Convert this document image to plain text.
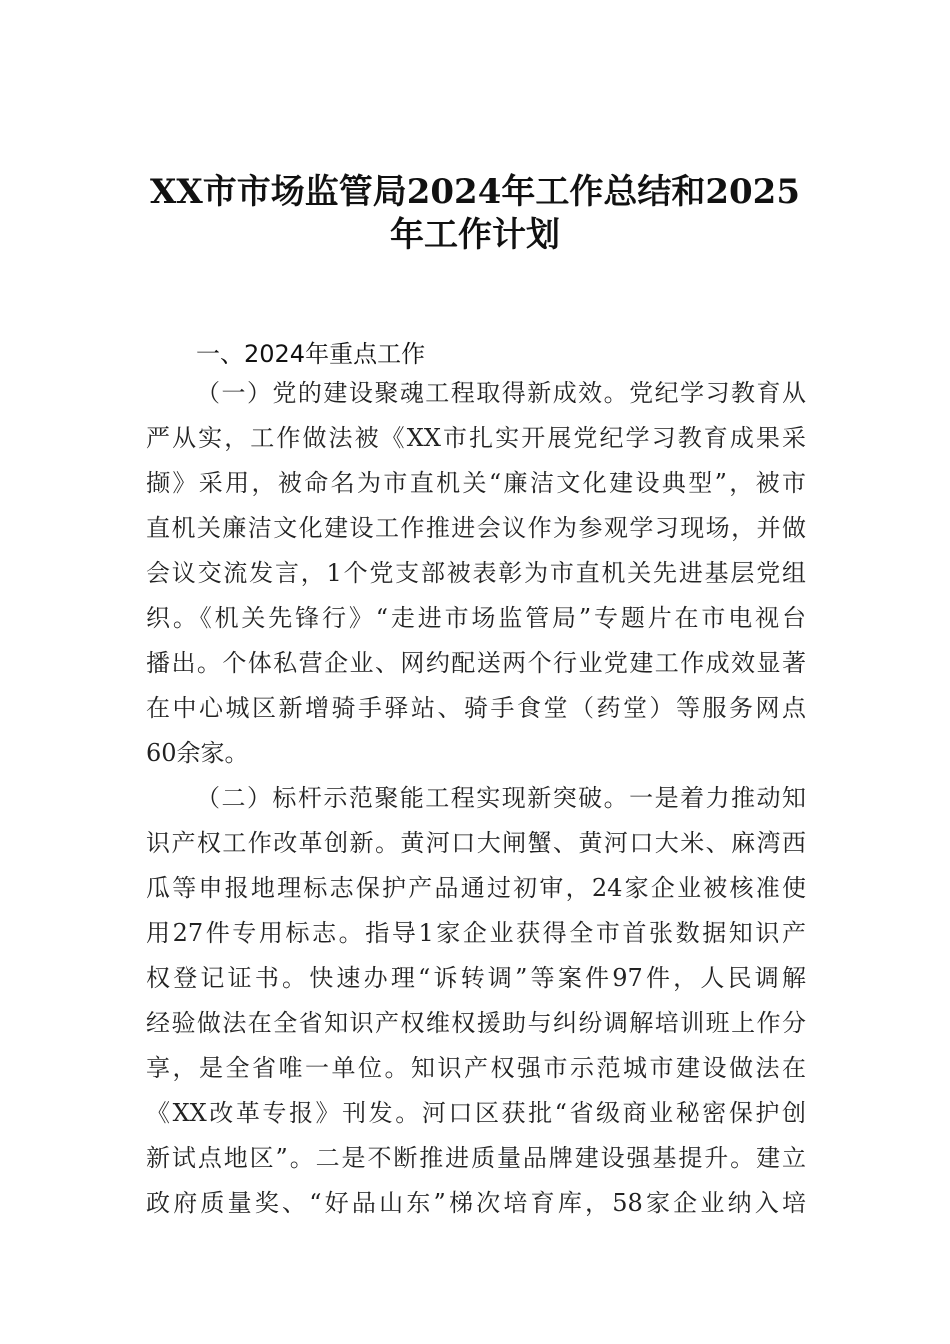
XX市市场监管局2024年工作总结和2025
年工作计划
一、2024年重点工作
（一）党的建设聚魂工程取得新成效。党纪学习教育从
严从实，工作做法被《XX市扎实开展党纪学习教育成果采
撷》采用，被命名为市直机关“廉洁文化建设典型”，被市
直机关廉洁文化建设工作推进会议作为参观学习现场，并做
会议交流发言，1个党支部被表彰为市直机关先进基层党组
织。《机关先锋行》“走进市场监管局”专题片在市电视台
播出。个体私营企业、网约配送两个行业党建工作成效显著
在中心城区新增骑手驿站、骑手食堂（药堂）等服务网点
60余家。
（二）标杆示范聚能工程实现新突破。一是着力推动知
识产权工作改革创新。黄河口大闸蟹、黄河口大米、麻湾西
瓜等申报地理标志保护产品通过初审，24家企业被核准使
用27件专用标志。指导1家企业获得全市首张数据知识产
权登记证书。快速办理“诉转调”等案件97件，人民调解
经验做法在全省知识产权维权援助与纠纷调解培训班上作分
享，是全省唯一单位。知识产权强市示范城市建设做法在
《XX改革专报》刊发。河口区获批“省级商业秘密保护创
新试点地区”。二是不断推进质量品牌建设强基提升。建立
政府质量奖、“好品山东”梯次培育库，58家企业纳入培
